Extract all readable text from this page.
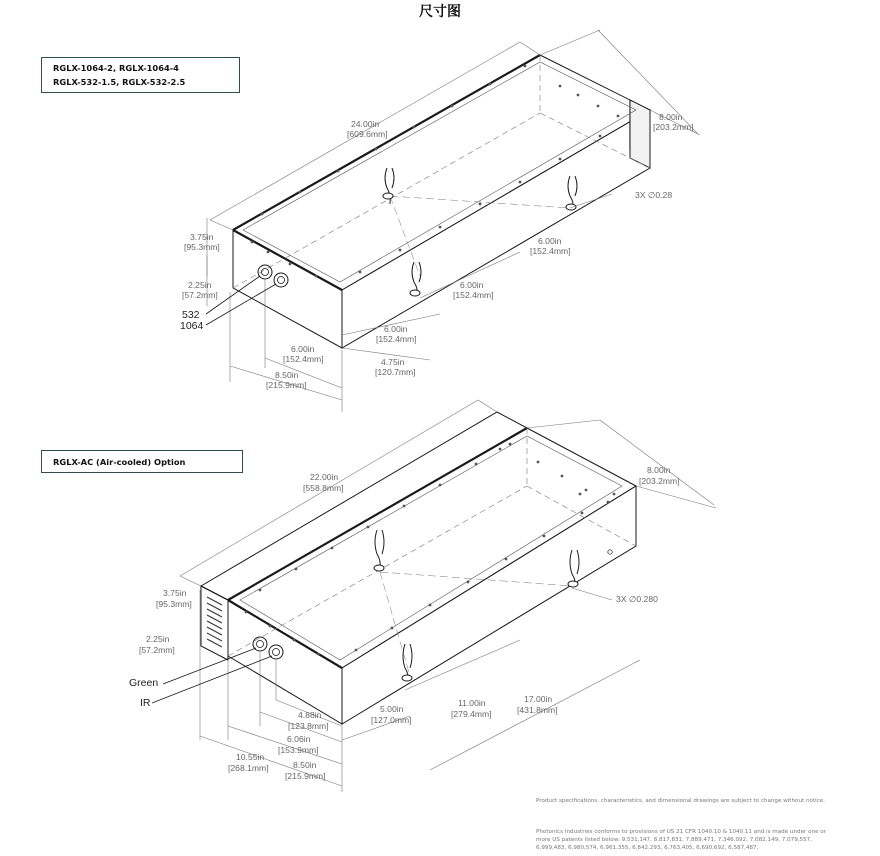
尺寸图
RGLX-1064-2, RGLX-1064-4
RGLX-532-1.5, RGLX-532-2.5
RGLX-AC (Air-cooled) Option
24.00in
[609.6mm]
8.00in
[203.2mm]
3.75in
[95.3mm]
2.25in
[57.2mm]
3X ∅0.28
6.00in
[152.4mm]
6.00in
[152.4mm]
6.00in
[152.4mm]
6.00in
[152.4mm]	4.75in
[120.7mm]
8.50in
[215.9mm]
532
1064
22.00in
[558.8mm]
8.00in
[203.2mm]
3.75in
[95.3mm]
2.25in
[57.2mm]
3X ∅0.280
17.00in
[431.8mm]
11.00in
[279.4mm]
5.00in
[127.0mm]
4.88in
[123.8mm]
6.06in
[153.9mm]
10.55in
[268.1mm]	8.50in
[215.9mm]
Green
IR
Product specifications, characteristics, and dimensional drawings are subject to change without notice.
Photonics Industries conforms to provisions of US 21 CFR 1040.10 & 1040.11 and is made under one or more US patents listed below: 9,531,147, 8,817,831, 7,889,471, 7,346,092, 7,082,149, 7,079,557, 6,999,483, 6,980,574, 6,961,355, 6,842,293, 6,763,405, 6,690,692, 6,587,487,
